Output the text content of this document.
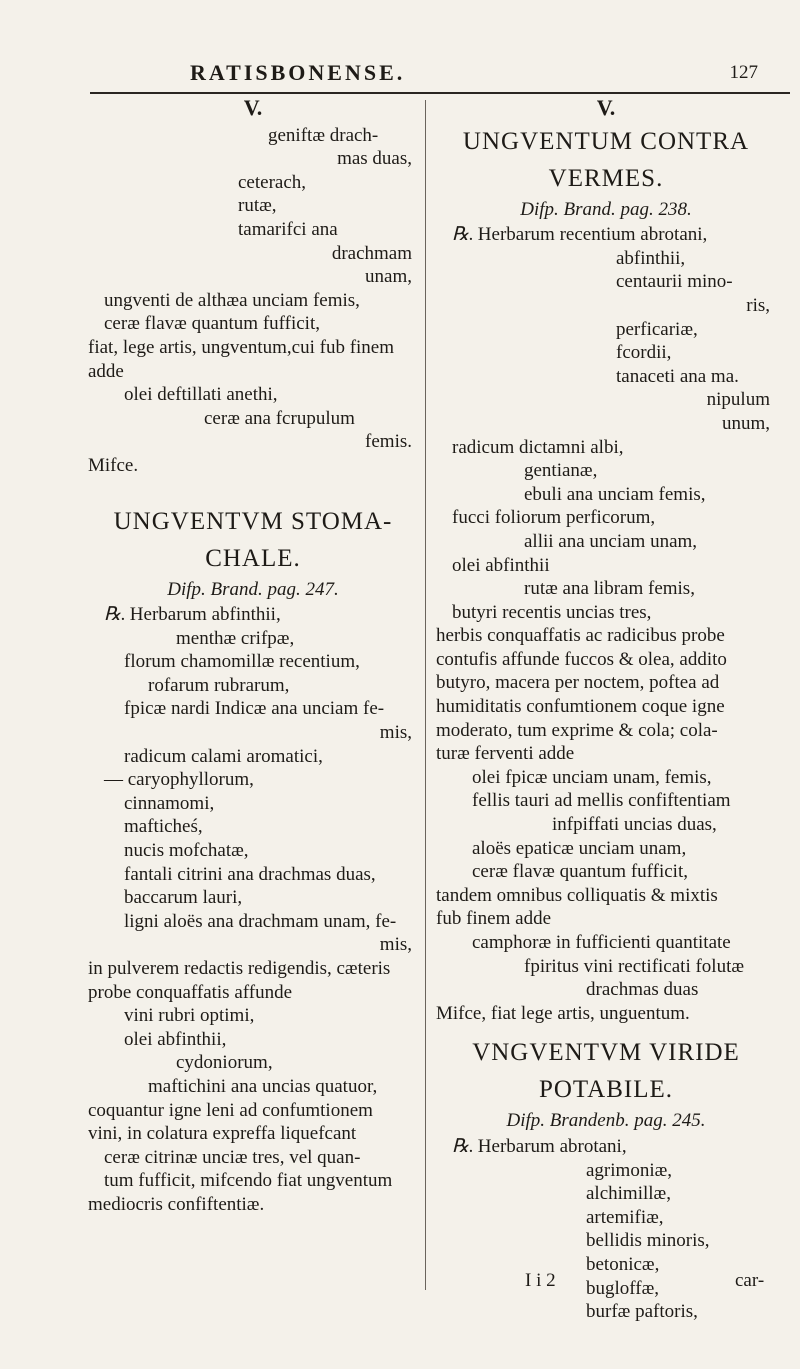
RATISBONENSE.	127
V.
geniftæ drach-
mas duas,
ceterach,
rutæ,
tamarifci ana
drachmam
unam,
ungventi de althæa unciam femis,
ceræ flavæ quantum fufficit,
fiat, lege artis, ungventum,cui fub finem
adde
olei deftillati anethi,
ceræ ana fcrupulum
femis.
Mifce.
UNGVENTVM STOMA-
CHALE.
Difp. Brand. pag. 247.
℞. Herbarum abfinthii,
menthæ crifpæ,
florum chamomillæ recentium,
rofarum rubrarum,
fpicæ nardi Indicæ ana unciam fe-
mis,
radicum calami aromatici,
— caryophyllorum,
cinnamomi,
mafticheś,
nucis mofchatæ,
fantali citrini ana drachmas duas,
baccarum lauri,
ligni aloës ana drachmam unam, fe-
mis,
in pulverem redactis redigendis, cæteris
probe conquaffatis affunde
vini rubri optimi,
olei abfinthii,
cydoniorum,
maftichini ana uncias quatuor,
coquantur igne leni ad confumtionem
vini, in colatura expreffa liquefcant
ceræ citrinæ unciæ tres, vel quan-
tum fufficit, mifcendo fiat ungventum
mediocris confiftentiæ.
V.
UNGVENTUM CONTRA
VERMES.
Difp. Brand. pag. 238.
℞. Herbarum recentium abrotani,
abfinthii,
centaurii mino-
ris,
perficariæ,
fcordii,
tanaceti ana ma.
nipulum
unum,
radicum dictamni albi,
gentianæ,
ebuli ana unciam femis,
fucci foliorum perficorum,
allii ana unciam unam,
olei abfinthii
rutæ ana libram femis,
butyri recentis uncias tres,
herbis conquaffatis ac radicibus probe
contufis affunde fuccos & olea, addito
butyro, macera per noctem, poftea ad
humiditatis confumtionem coque igne
moderato, tum exprime & cola; cola-
turæ ferventi adde
olei fpicæ unciam unam, femis,
fellis tauri ad mellis confiftentiam
infpiffati uncias duas,
aloës epaticæ unciam unam,
ceræ flavæ quantum fufficit,
tandem omnibus colliquatis & mixtis
fub finem adde
camphoræ in fufficienti quantitate
fpiritus vini rectificati folutæ
drachmas duas
Mifce, fiat lege artis, unguentum.
VNGVENTVM VIRIDE
POTABILE.
Difp. Brandenb. pag. 245.
℞. Herbarum abrotani,
agrimoniæ,
alchimillæ,
artemifiæ,
bellidis minoris,
betonicæ,
bugloffæ,
burfæ paftoris,
I i 2	car-
